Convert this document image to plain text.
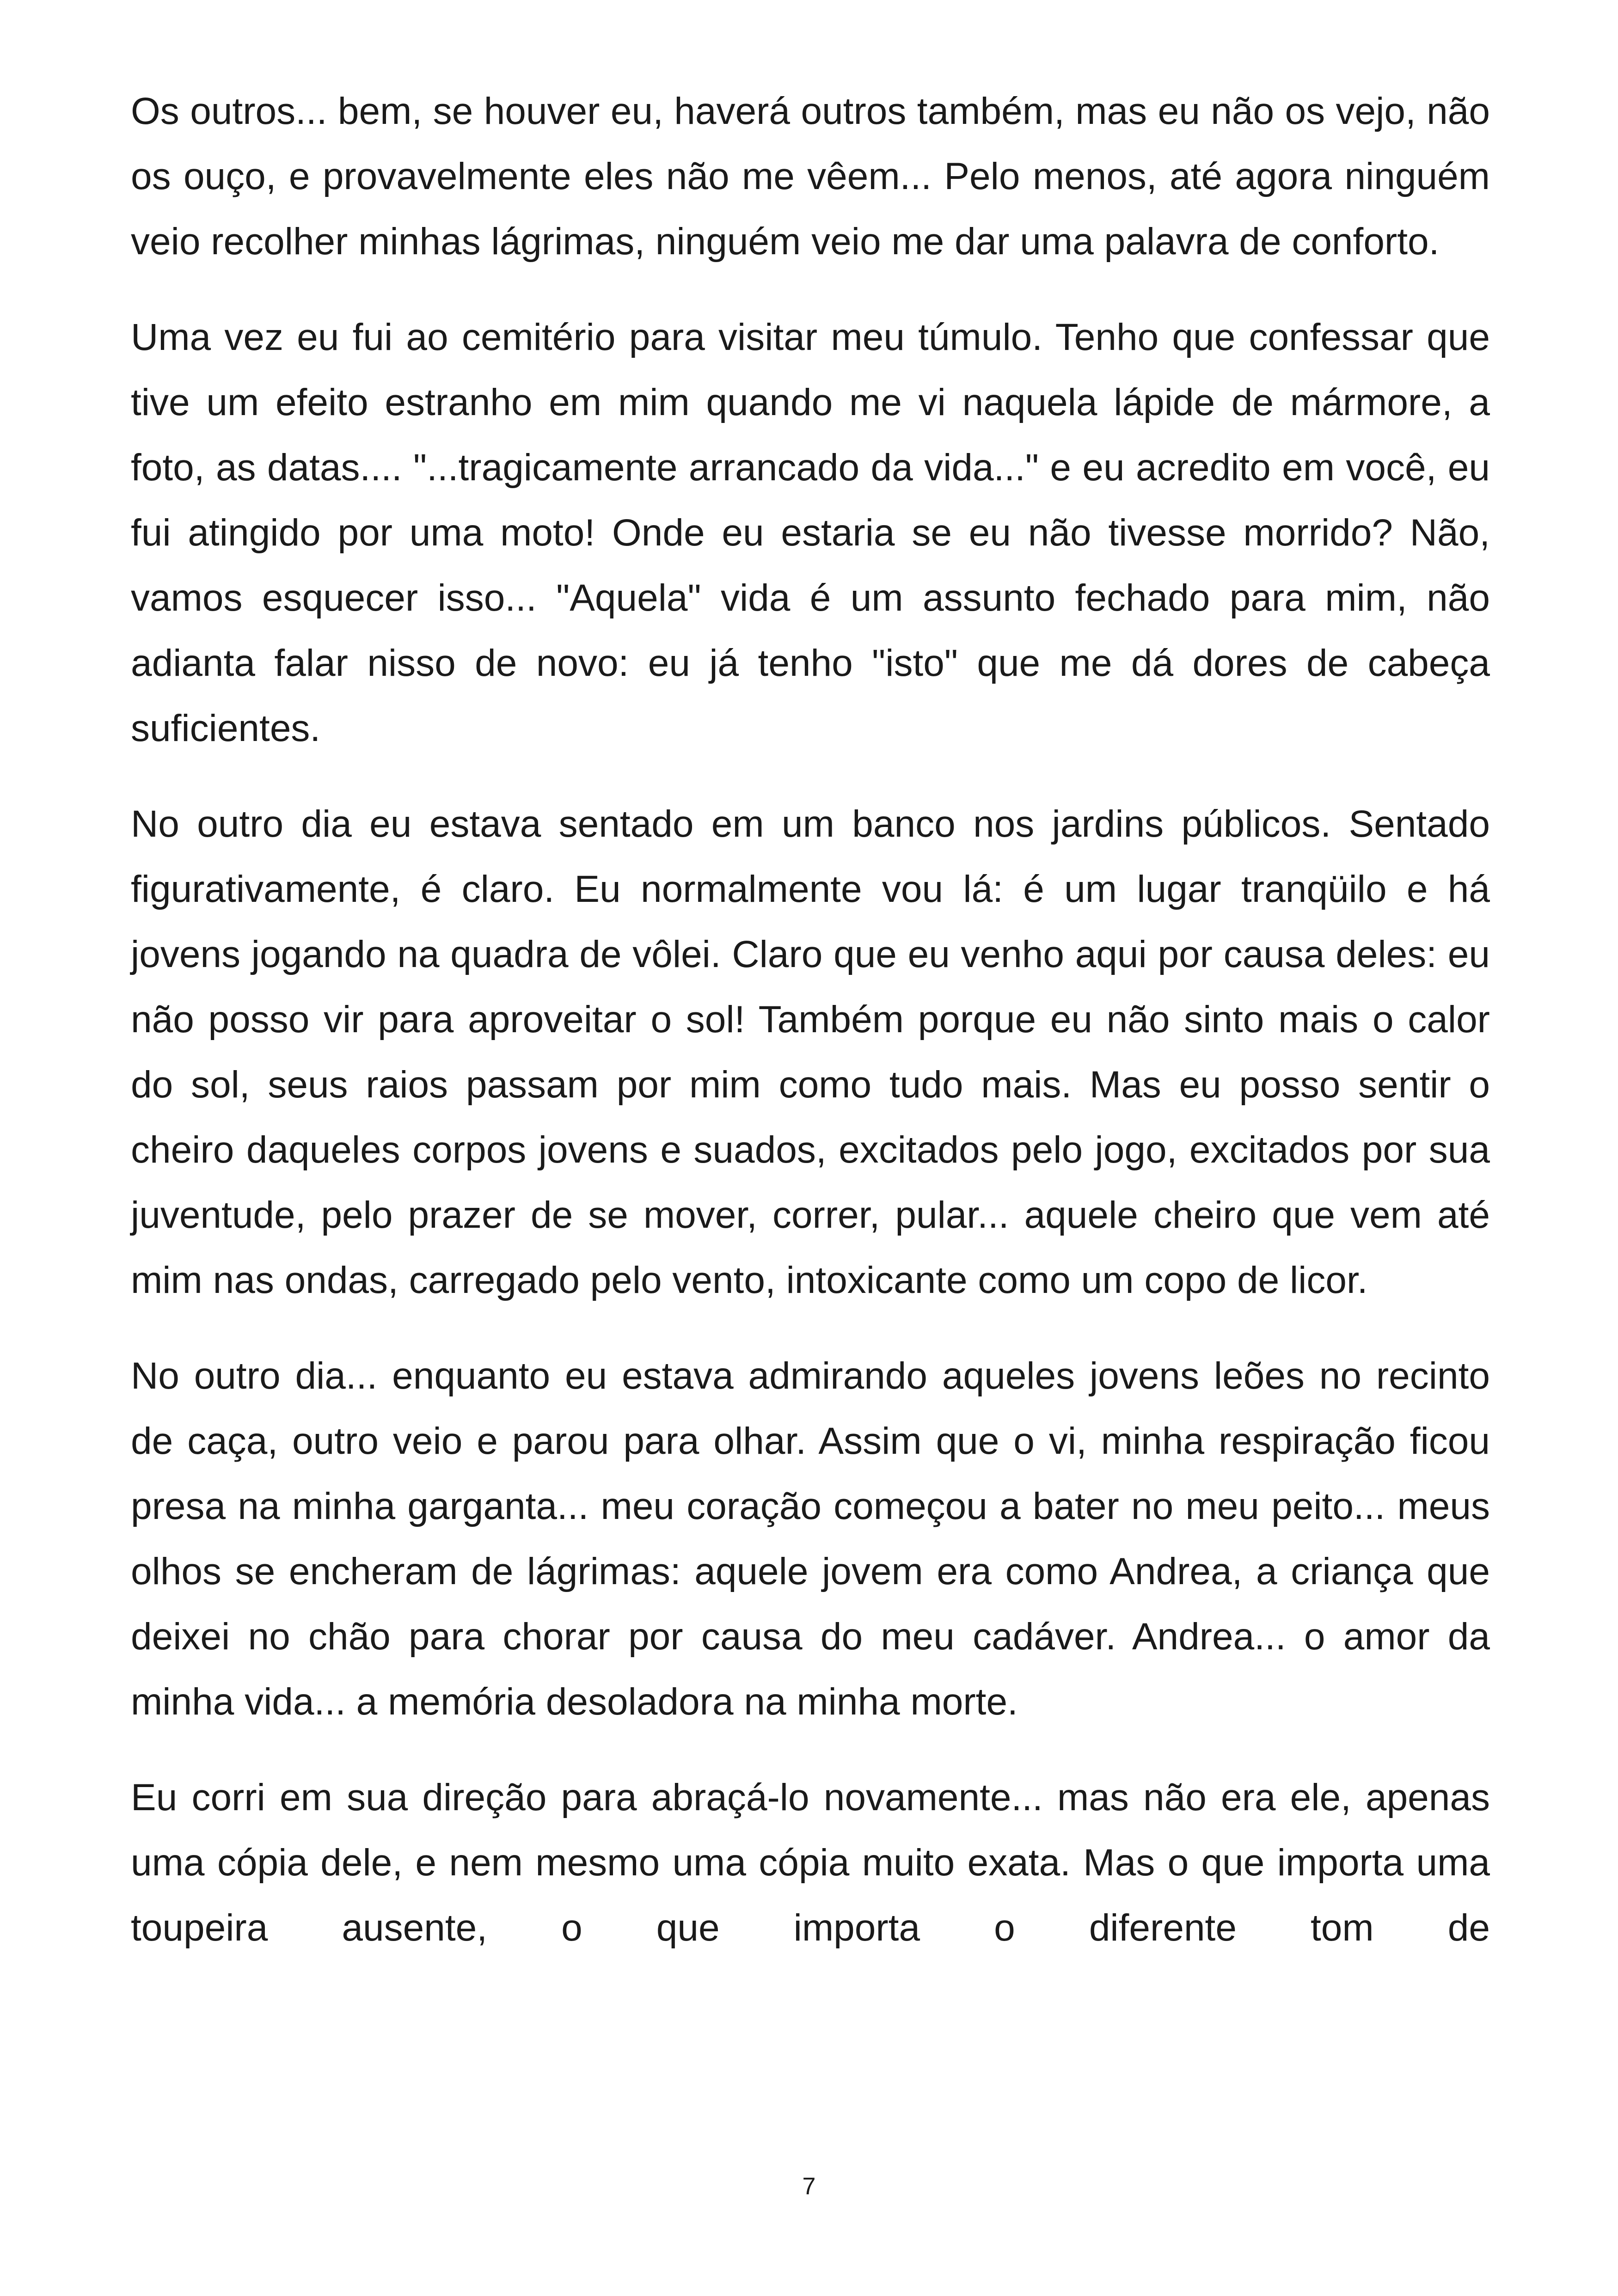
Os outros... bem, se houver eu, haverá outros também, mas eu não os vejo, não os ouço, e provavelmente eles não me vêem... Pelo menos, até agora ninguém veio recolher minhas lágrimas, ninguém veio me dar uma palavra de conforto.

Uma vez eu fui ao cemitério para visitar meu túmulo. Tenho que confessar que tive um efeito estranho em mim quando me vi naquela lápide de mármore, a foto, as datas.... "...tragicamente arrancado da vida..." e eu acredito em você, eu fui atingido por uma moto! Onde eu estaria se eu não tivesse morrido? Não, vamos esquecer isso... "Aquela" vida é um assunto fechado para mim, não adianta falar nisso de novo: eu já tenho "isto" que me dá dores de cabeça suficientes.

No outro dia eu estava sentado em um banco nos jardins públicos. Sentado figurativamente, é claro. Eu normalmente vou lá: é um lugar tranqüilo e há jovens jogando na quadra de vôlei. Claro que eu venho aqui por causa deles: eu não posso vir para aproveitar o sol! Também porque eu não sinto mais o calor do sol, seus raios passam por mim como tudo mais. Mas eu posso sentir o cheiro daqueles corpos jovens e suados, excitados pelo jogo, excitados por sua juventude, pelo prazer de se mover, correr, pular... aquele cheiro que vem até mim nas ondas, carregado pelo vento, intoxicante como um copo de licor.

No outro dia... enquanto eu estava admirando aqueles jovens leões no recinto de caça, outro veio e parou para olhar. Assim que o vi, minha respiração ficou presa na minha garganta... meu coração começou a bater no meu peito... meus olhos se encheram de lágrimas: aquele jovem era como Andrea, a criança que deixei no chão para chorar por causa do meu cadáver. Andrea... o amor da minha vida... a memória desoladora na minha morte.

Eu corri em sua direção para abraçá-lo novamente... mas não era ele, apenas uma cópia dele, e nem mesmo uma cópia muito exata. Mas o que importa uma toupeira ausente, o que importa o diferente tom de

7
